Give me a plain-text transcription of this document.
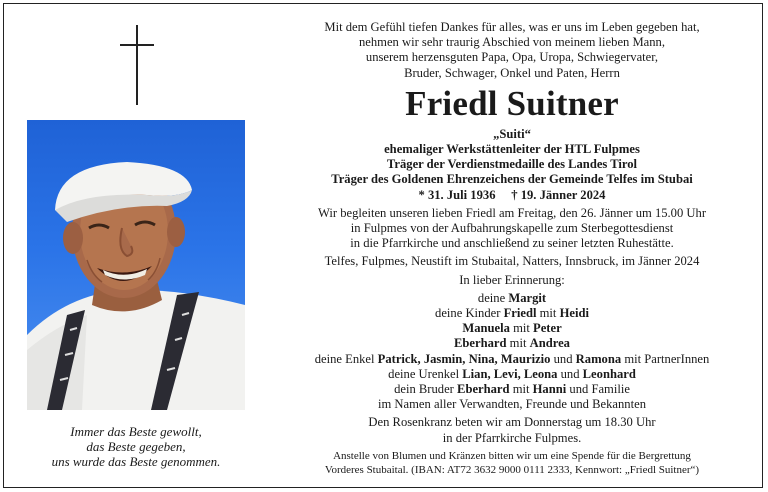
Immer das Beste gewollt,
das Beste gegeben,
uns wurde das Beste genommen.

Mit dem Gefühl tiefen Dankes für alles, was er uns im Leben gegeben hat,

nehmen wir sehr traurig Abschied von meinem lieben Mann,

unserem herzensguten Papa, Opa, Uropa, Schwiegervater,

Bruder, Schwager, Onkel und Paten, Herrn

Friedl Suitner

„Suiti“

ehemaliger Werkstättenleiter der HTL Fulpmes

Träger der Verdienstmedaille des Landes Tirol

Träger des Goldenen Ehrenzeichens der Gemeinde Telfes im Stubai

* 31. Juli 1936 † 19. Jänner 2024

Wir begleiten unseren lieben Friedl am Freitag, den 26. Jänner um 15.00 Uhr

in Fulpmes von der Aufbahrungskapelle zum Sterbegottesdienst

in die Pfarrkirche und anschließend zu seiner letzten Ruhestätte.

Telfes, Fulpmes, Neustift im Stubaital, Natters, Innsbruck, im Jänner 2024

In lieber Erinnerung:

deine Margit

deine Kinder Friedl mit Heidi

Manuela mit Peter

Eberhard mit Andrea

deine Enkel Patrick, Jasmin, Nina, Maurizio und Ramona mit PartnerInnen

deine Urenkel Lian, Levi, Leona und Leonhard

dein Bruder Eberhard mit Hanni und Familie

im Namen aller Verwandten, Freunde und Bekannten

Den Rosenkranz beten wir am Donnerstag um 18.30 Uhr

in der Pfarrkirche Fulpmes.

Anstelle von Blumen und Kränzen bitten wir um eine Spende für die Bergrettung

Vorderes Stubaital. (IBAN: AT72 3632 9000 0111 2333, Kennwort: „Friedl Suitner“)
